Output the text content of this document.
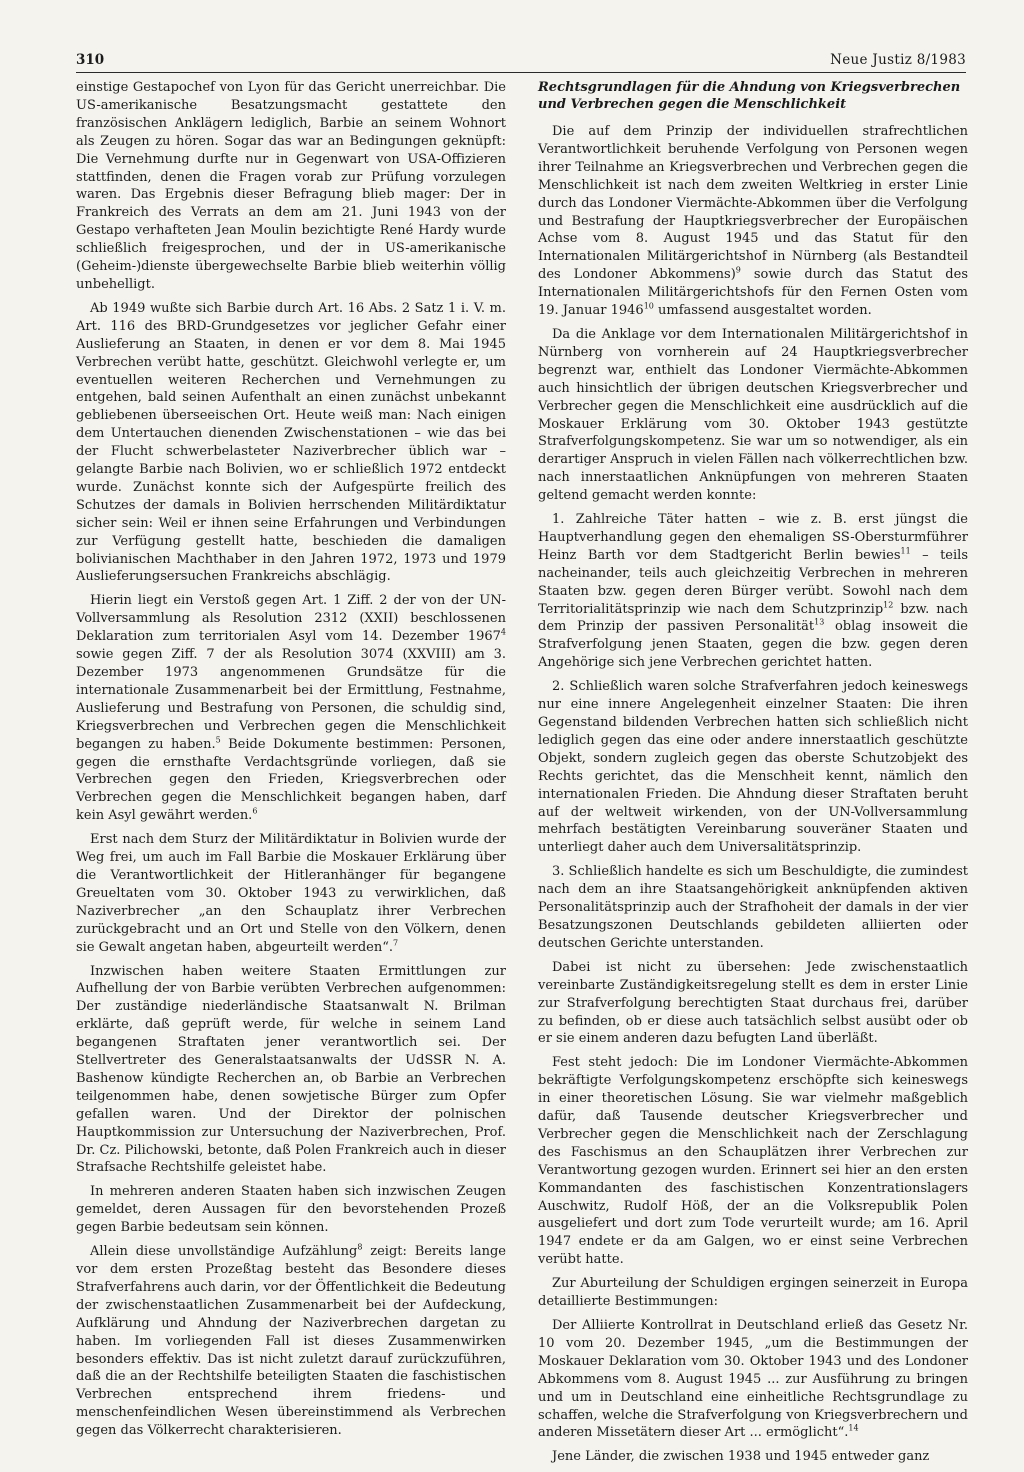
310	Neue Justiz 8/1983

einstige Gestapochef von Lyon für das Gericht unerreichbar. Die US-amerikanische Besatzungsmacht gestattete den französischen Anklägern lediglich, Barbie an seinem Wohnort als Zeugen zu hören. Sogar das war an Bedingungen geknüpft: Die Vernehmung durfte nur in Gegenwart von USA-Offizieren stattfinden, denen die Fragen vorab zur Prüfung vorzulegen waren. Das Ergebnis dieser Befragung blieb mager: Der in Frankreich des Verrats an dem am 21. Juni 1943 von der Gestapo verhafteten Jean Moulin bezichtigte René Hardy wurde schließlich freigesprochen, und der in US-amerikanische (Geheim-)dienste übergewechselte Barbie blieb weiterhin völlig unbehelligt.

Ab 1949 wußte sich Barbie durch Art. 16 Abs. 2 Satz 1 i. V. m. Art. 116 des BRD-Grundgesetzes vor jeglicher Gefahr einer Auslieferung an Staaten, in denen er vor dem 8. Mai 1945 Verbrechen verübt hatte, geschützt. Gleichwohl verlegte er, um eventuellen weiteren Recherchen und Vernehmungen zu entgehen, bald seinen Aufenthalt an einen zunächst unbekannt gebliebenen überseeischen Ort. Heute weiß man: Nach einigen dem Untertauchen dienenden Zwischenstationen – wie das bei der Flucht schwerbelasteter Naziverbrecher üblich war – gelangte Barbie nach Bolivien, wo er schließlich 1972 entdeckt wurde. Zunächst konnte sich der Aufgespürte freilich des Schutzes der damals in Bolivien herrschenden Militärdiktatur sicher sein: Weil er ihnen seine Erfahrungen und Verbindungen zur Verfügung gestellt hatte, beschieden die damaligen bolivianischen Machthaber in den Jahren 1972, 1973 und 1979 Auslieferungsersuchen Frankreichs abschlägig.

Hierin liegt ein Verstoß gegen Art. 1 Ziff. 2 der von der UN-Vollversammlung als Resolution 2312 (XXII) beschlossenen Deklaration zum territorialen Asyl vom 14. Dezember 1967$^4$ sowie gegen Ziff. 7 der als Resolution 3074 (XXVIII) am 3. Dezember 1973 angenommenen Grundsätze für die internationale Zusammenarbeit bei der Ermittlung, Festnahme, Auslieferung und Bestrafung von Personen, die schuldig sind, Kriegsverbrechen und Verbrechen gegen die Menschlichkeit begangen zu haben.$^5$ Beide Dokumente bestimmen: Personen, gegen die ernsthafte Verdachtsgründe vorliegen, daß sie Verbrechen gegen den Frieden, Kriegsverbrechen oder Verbrechen gegen die Menschlichkeit begangen haben, darf kein Asyl gewährt werden.$^6$

Erst nach dem Sturz der Militärdiktatur in Bolivien wurde der Weg frei, um auch im Fall Barbie die Moskauer Erklärung über die Verantwortlichkeit der Hitleranhänger für begangene Greueltaten vom 30. Oktober 1943 zu verwirklichen, daß Naziverbrecher „an den Schauplatz ihrer Verbrechen zurückgebracht und an Ort und Stelle von den Völkern, denen sie Gewalt angetan haben, abgeurteilt werden“.$^7$

Inzwischen haben weitere Staaten Ermittlungen zur Aufhellung der von Barbie verübten Verbrechen aufgenommen: Der zuständige niederländische Staatsanwalt N. Brilman erklärte, daß geprüft werde, für welche in seinem Land begangenen Straftaten jener verantwortlich sei. Der Stellvertreter des Generalstaatsanwalts der UdSSR N. A. Bashenow kündigte Recherchen an, ob Barbie an Verbrechen teilgenommen habe, denen sowjetische Bürger zum Opfer gefallen waren. Und der Direktor der polnischen Hauptkommission zur Untersuchung der Naziverbrechen, Prof. Dr. Cz. Pilichowski, betonte, daß Polen Frankreich auch in dieser Strafsache Rechtshilfe geleistet habe.

In mehreren anderen Staaten haben sich inzwischen Zeugen gemeldet, deren Aussagen für den bevorstehenden Prozeß gegen Barbie bedeutsam sein können.

Allein diese unvollständige Aufzählung$^8$ zeigt: Bereits lange vor dem ersten Prozeßtag besteht das Besondere dieses Strafverfahrens auch darin, vor der Öffentlichkeit die Bedeutung der zwischenstaatlichen Zusammenarbeit bei der Aufdeckung, Aufklärung und Ahndung der Naziverbrechen dargetan zu haben. Im vorliegenden Fall ist dieses Zusammenwirken besonders effektiv. Das ist nicht zuletzt darauf zurückzuführen, daß die an der Rechtshilfe beteiligten Staaten die faschistischen Verbrechen entsprechend ihrem friedens- und menschenfeindlichen Wesen übereinstimmend als Verbrechen gegen das Völkerrecht charakterisieren.

Rechtsgrundlagen für die Ahndung von Kriegsverbrechen und Verbrechen gegen die Menschlichkeit

Die auf dem Prinzip der individuellen strafrechtlichen Verantwortlichkeit beruhende Verfolgung von Personen wegen ihrer Teilnahme an Kriegsverbrechen und Verbrechen gegen die Menschlichkeit ist nach dem zweiten Weltkrieg in erster Linie durch das Londoner Viermächte-Abkommen über die Verfolgung und Bestrafung der Hauptkriegsverbrecher der Europäischen Achse vom 8. August 1945 und das Statut für den Internationalen Militärgerichtshof in Nürnberg (als Bestandteil des Londoner Abkommens)$^9$ sowie durch das Statut des Internationalen Militärgerichtshofs für den Fernen Osten vom 19. Januar 1946$^{10}$ umfassend ausgestaltet worden.

Da die Anklage vor dem Internationalen Militärgerichtshof in Nürnberg von vornherein auf 24 Hauptkriegsverbrecher begrenzt war, enthielt das Londoner Viermächte-Abkommen auch hinsichtlich der übrigen deutschen Kriegsverbrecher und Verbrecher gegen die Menschlichkeit eine ausdrücklich auf die Moskauer Erklärung vom 30. Oktober 1943 gestützte Strafverfolgungskompetenz. Sie war um so notwendiger, als ein derartiger Anspruch in vielen Fällen nach völkerrechtlichen bzw. nach innerstaatlichen Anknüpfungen von mehreren Staaten geltend gemacht werden konnte:

1. Zahlreiche Täter hatten – wie z. B. erst jüngst die Hauptverhandlung gegen den ehemaligen SS-Obersturmführer Heinz Barth vor dem Stadtgericht Berlin bewies$^{11}$ – teils nacheinander, teils auch gleichzeitig Verbrechen in mehreren Staaten bzw. gegen deren Bürger verübt. Sowohl nach dem Territorialitätsprinzip wie nach dem Schutzprinzip$^{12}$ bzw. nach dem Prinzip der passiven Personalität$^{13}$ oblag insoweit die Strafverfolgung jenen Staaten, gegen die bzw. gegen deren Angehörige sich jene Verbrechen gerichtet hatten.

2. Schließlich waren solche Strafverfahren jedoch keineswegs nur eine innere Angelegenheit einzelner Staaten: Die ihren Gegenstand bildenden Verbrechen hatten sich schließlich nicht lediglich gegen das eine oder andere innerstaatlich geschützte Objekt, sondern zugleich gegen das oberste Schutzobjekt des Rechts gerichtet, das die Menschheit kennt, nämlich den internationalen Frieden. Die Ahndung dieser Straftaten beruht auf der weltweit wirkenden, von der UN-Vollversammlung mehrfach bestätigten Vereinbarung souveräner Staaten und unterliegt daher auch dem Universalitätsprinzip.

3. Schließlich handelte es sich um Beschuldigte, die zumindest nach dem an ihre Staatsangehörigkeit anknüpfenden aktiven Personalitätsprinzip auch der Strafhoheit der damals in der vier Besatzungszonen Deutschlands gebildeten alliierten oder deutschen Gerichte unterstanden.

Dabei ist nicht zu übersehen: Jede zwischenstaatlich vereinbarte Zuständigkeitsregelung stellt es dem in erster Linie zur Strafverfolgung berechtigten Staat durchaus frei, darüber zu befinden, ob er diese auch tatsächlich selbst ausübt oder ob er sie einem anderen dazu befugten Land überläßt.

Fest steht jedoch: Die im Londoner Viermächte-Abkommen bekräftigte Verfolgungskompetenz erschöpfte sich keineswegs in einer theoretischen Lösung. Sie war vielmehr maßgeblich dafür, daß Tausende deutscher Kriegsverbrecher und Verbrecher gegen die Menschlichkeit nach der Zerschlagung des Faschismus an den Schauplätzen ihrer Verbrechen zur Verantwortung gezogen wurden. Erinnert sei hier an den ersten Kommandanten des faschistischen Konzentrationslagers Auschwitz, Rudolf Höß, der an die Volksrepublik Polen ausgeliefert und dort zum Tode verurteilt wurde; am 16. April 1947 endete er da am Galgen, wo er einst seine Verbrechen verübt hatte.

Zur Aburteilung der Schuldigen ergingen seinerzeit in Europa detaillierte Bestimmungen:

Der Alliierte Kontrollrat in Deutschland erließ das Gesetz Nr. 10 vom 20. Dezember 1945, „um die Bestimmungen der Moskauer Deklaration vom 30. Oktober 1943 und des Londoner Abkommens vom 8. August 1945 ... zur Ausführung zu bringen und um in Deutschland eine einheitliche Rechtsgrundlage zu schaffen, welche die Strafverfolgung von Kriegsverbrechern und anderen Missetätern dieser Art ... ermöglicht“.$^{14}$

Jene Länder, die zwischen 1938 und 1945 entweder ganz
